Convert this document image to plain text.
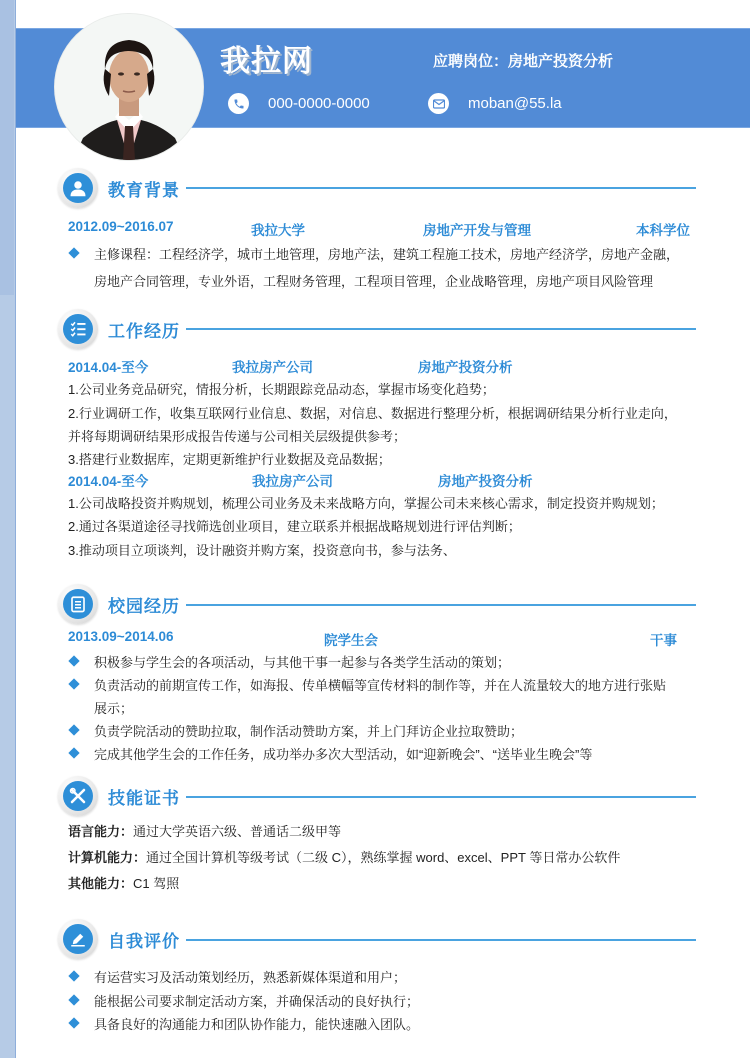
我拉网	应聘岗位：房地产投资分析
000-0000-0000	moban@55.la
教育背景
2012.09~2016.07	我拉大学	房地产开发与管理	本科学位
主修课程：工程经济学，城市土地管理，房地产法，建筑工程施工技术，房地产经济学，房地产金融，
房地产合同管理，专业外语，工程财务管理，工程项目管理，企业战略管理，房地产项目风险管理
工作经历
2014.04-至今	我拉房产公司	房地产投资分析
1.公司业务竞品研究，情报分析，长期跟踪竞品动态，掌握市场变化趋势；
2.行业调研工作，收集互联网行业信息、数据，对信息、数据进行整理分析，根据调研结果分析行业走向，
并将每期调研结果形成报告传递与公司相关层级提供参考；
3.搭建行业数据库，定期更新维护行业数据及竞品数据；
2014.04-至今	我拉房产公司	房地产投资分析
1.公司战略投资并购规划，梳理公司业务及未来战略方向，掌握公司未来核心需求，制定投资并购规划；
2.通过各渠道途径寻找筛选创业项目，建立联系并根据战略规划进行评估判断；
3.推动项目立项谈判，设计融资并购方案，投资意向书，参与法务、
校园经历
2013.09~2014.06	院学生会	干事
积极参与学生会的各项活动，与其他干事一起参与各类学生活动的策划；
负责活动的前期宣传工作，如海报、传单横幅等宣传材料的制作等，并在人流量较大的地方进行张贴
展示；
负责学院活动的赞助拉取，制作活动赞助方案，并上门拜访企业拉取赞助；
完成其他学生会的工作任务，成功举办多次大型活动，如“迎新晚会”、“送毕业生晚会”等
技能证书
语言能力：通过大学英语六级、普通话二级甲等
计算机能力：通过全国计算机等级考试（二级 C），熟练掌握 word、excel、PPT 等日常办公软件
其他能力：C1 驾照
自我评价
有运营实习及活动策划经历，熟悉新媒体渠道和用户；
能根据公司要求制定活动方案，并确保活动的良好执行；
具备良好的沟通能力和团队协作能力，能快速融入团队。
